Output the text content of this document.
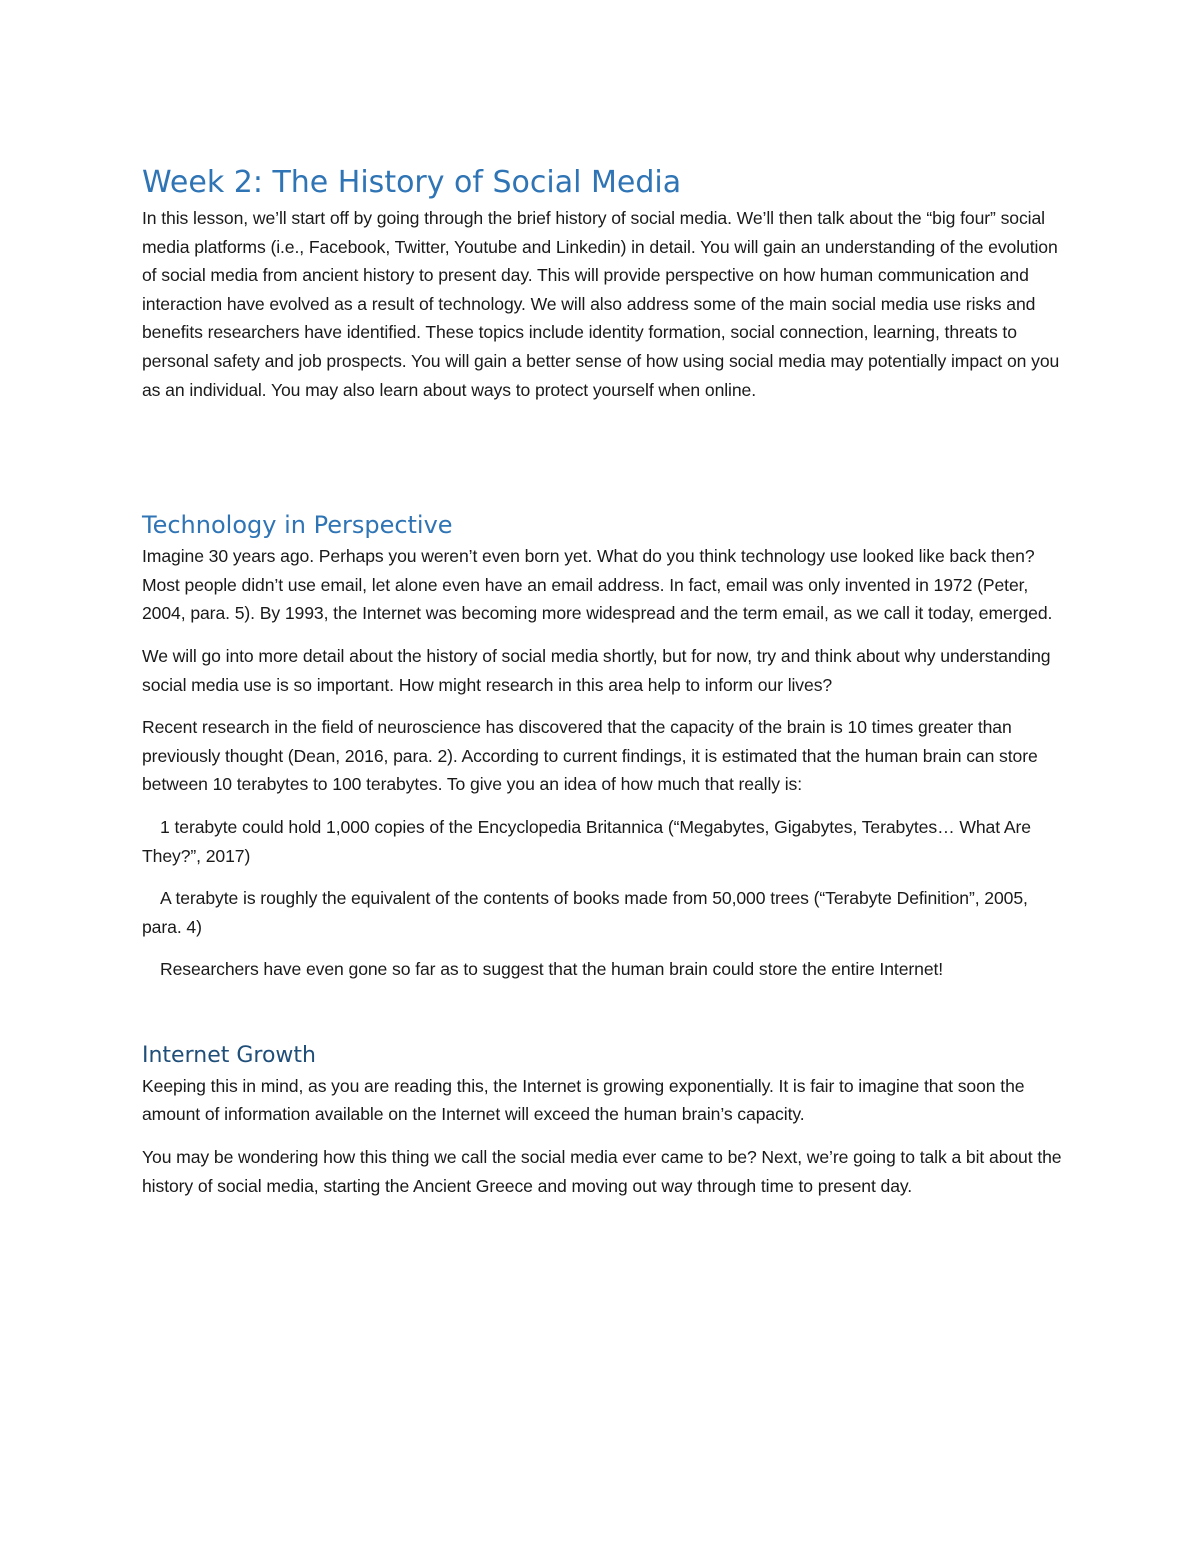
Week 2: The History of Social Media

In this lesson, we’ll start off by going through the brief history of social media. We’ll then talk about the “big four” social media platforms (i.e., Facebook, Twitter, Youtube and Linkedin) in detail. You will gain an understanding of the evolution of social media from ancient history to present day. This will provide perspective on how human communication and interaction have evolved as a result of technology. We will also address some of the main social media use risks and benefits researchers have identified. These topics include identity formation, social connection, learning, threats to personal safety and job prospects. You will gain a better sense of how using social media may potentially impact on you as an individual. You may also learn about ways to protect yourself when online.

Technology in Perspective

Imagine 30 years ago. Perhaps you weren’t even born yet. What do you think technology use looked like back then? Most people didn’t use email, let alone even have an email address. In fact, email was only invented in 1972 (Peter, 2004, para. 5). By 1993, the Internet was becoming more widespread and the term email, as we call it today, emerged.

We will go into more detail about the history of social media shortly, but for now, try and think about why understanding social media use is so important. How might research in this area help to inform our lives?

Recent research in the field of neuroscience has discovered that the capacity of the brain is 10 times greater than previously thought (Dean, 2016, para. 2). According to current findings, it is estimated that the human brain can store between 10 terabytes to 100 terabytes. To give you an idea of how much that really is:

1 terabyte could hold 1,000 copies of the Encyclopedia Britannica (“Megabytes, Gigabytes, Terabytes… What Are They?”, 2017)

A terabyte is roughly the equivalent of the contents of books made from 50,000 trees (“Terabyte Definition”, 2005, para. 4)

Researchers have even gone so far as to suggest that the human brain could store the entire Internet!

Internet Growth

Keeping this in mind, as you are reading this, the Internet is growing exponentially. It is fair to imagine that soon the amount of information available on the Internet will exceed the human brain’s capacity.

You may be wondering how this thing we call the social media ever came to be? Next, we’re going to talk a bit about the history of social media, starting the Ancient Greece and moving out way through time to present day.
